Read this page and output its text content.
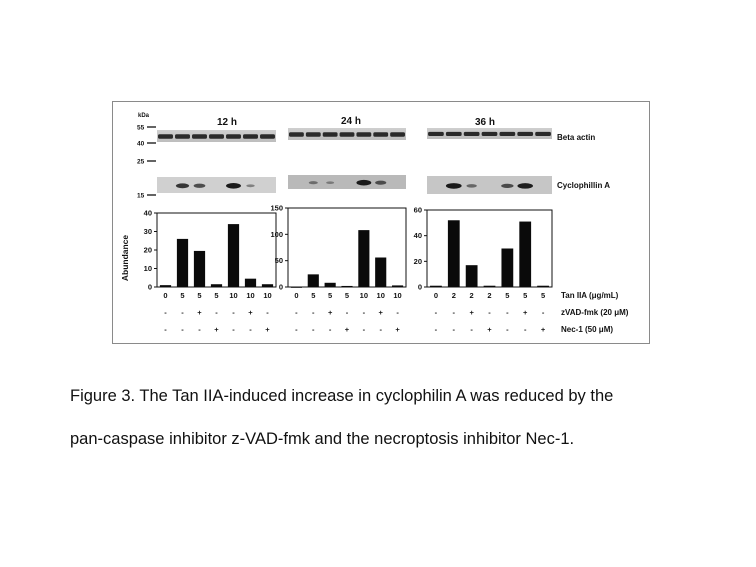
0
10
20
30
40
0
-
-
5
-
-
5
+
-
5
-
+
10
-
-
10
+
-
10
-
+
0
50
100
150
0
-
-
5
-
-
5
+
-
5
-
+
10
-
-
10
+
-
10
-
+
0
20
40
60
0
-
-
2
-
-
2
+
-
2
-
+
5
-
-
5
+
-
5
-
+
kDa
55
40
25
15
12 h	24 h	36 h
Beta actin
Cyclophillin A
Tan IIA (μg/mL)
zVAD-fmk (20 μM)
Nec-1 (50 μM)
Abundance

Figure 3. The Tan IIA-induced increase in cyclophilin A was reduced by the

pan-caspase inhibitor z-VAD-fmk and the necroptosis inhibitor Nec-1.
